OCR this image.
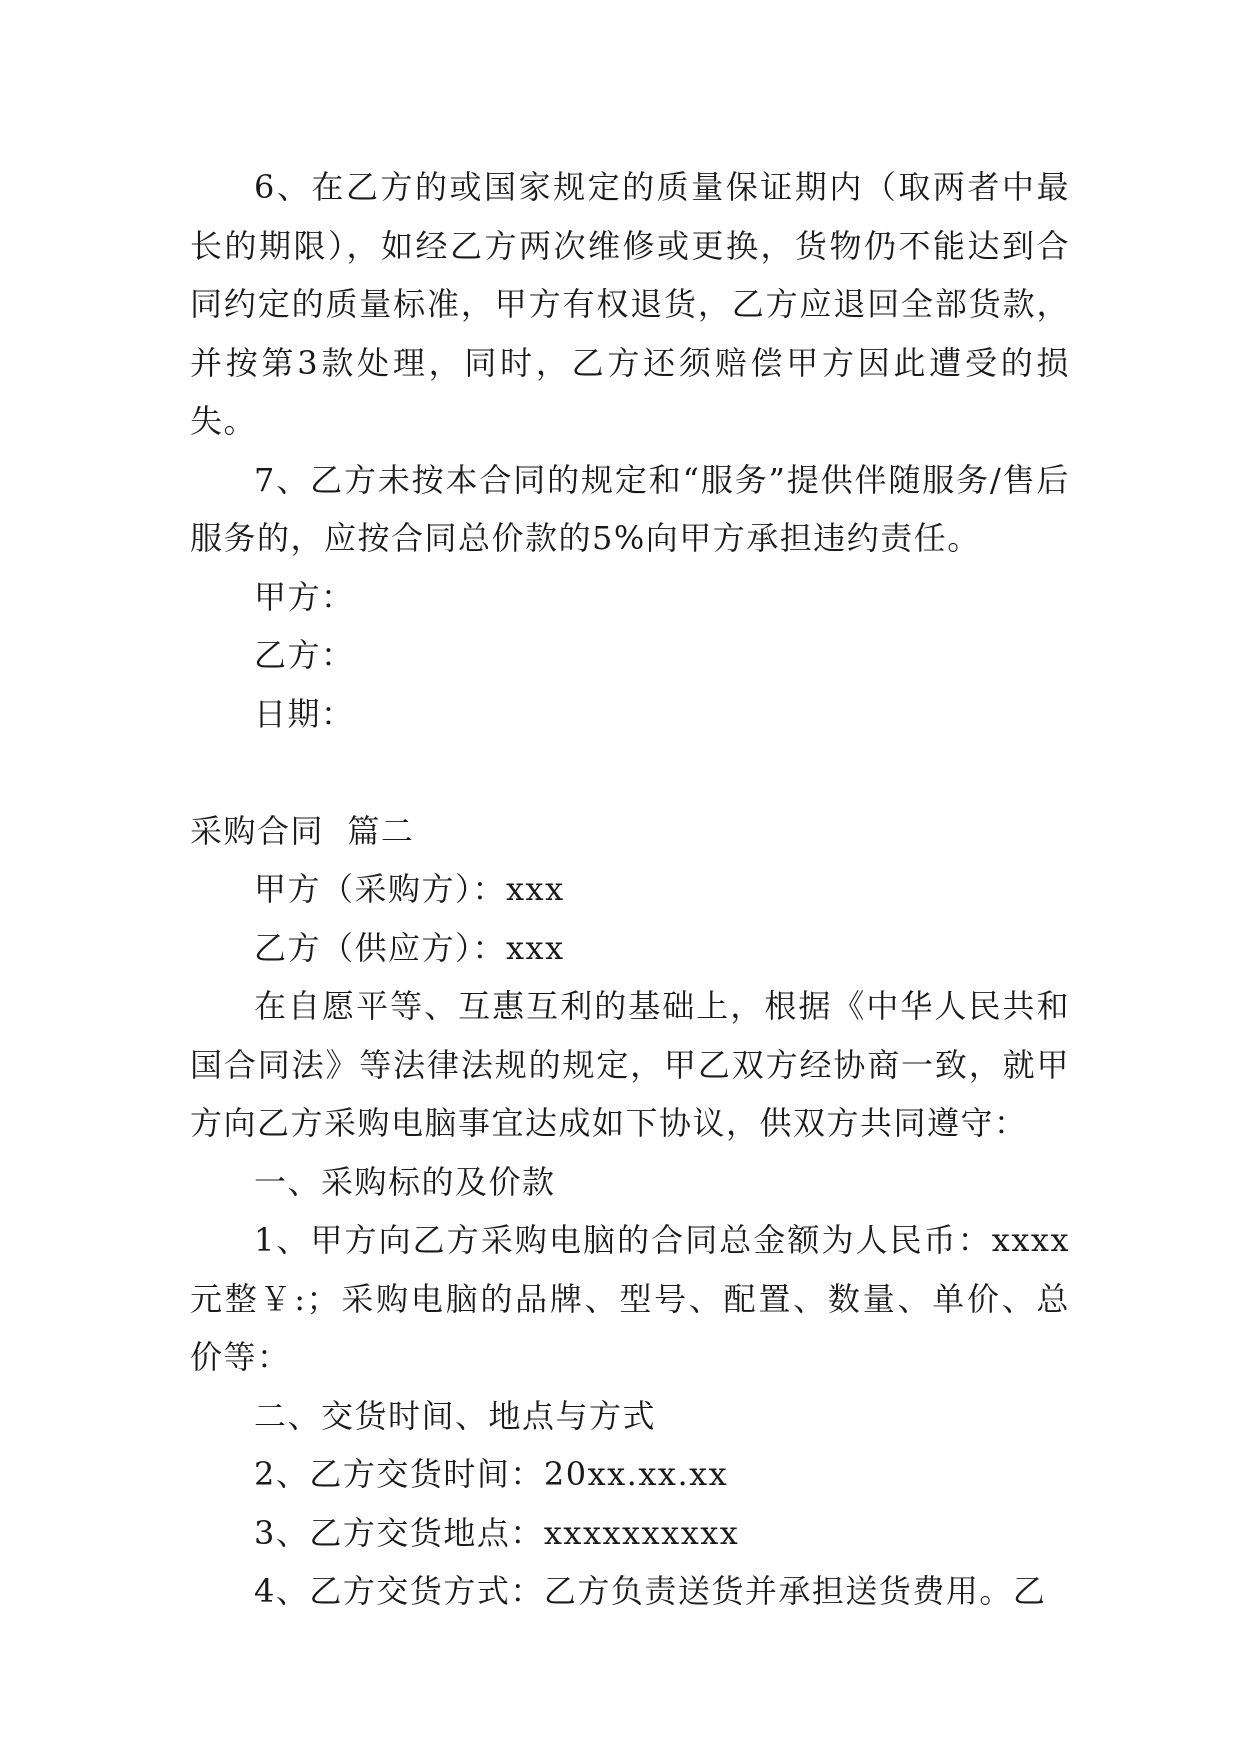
6、在乙方的或国家规定的质量保证期内（取两者中最长的期限），如经乙方两次维修或更换，货物仍不能达到合同约定的质量标准，甲方有权退货，乙方应退回全部货款，并按第3款处理，同时，乙方还须赔偿甲方因此遭受的损失。

7、乙方未按本合同的规定和“服务”提供伴随服务/售后服务的，应按合同总价款的5%向甲方承担违约责任。

甲方：

乙方：

日期：

采购合同  篇二

甲方（采购方）：xxx

乙方（供应方）：xxx

在自愿平等、互惠互利的基础上，根据《中华人民共和国合同法》等法律法规的规定，甲乙双方经协商一致，就甲方向乙方采购电脑事宜达成如下协议，供双方共同遵守：

一、采购标的及价款

1、甲方向乙方采购电脑的合同总金额为人民币：xxxx元整￥:；采购电脑的品牌、型号、配置、数量、单价、总价等：

二、交货时间、地点与方式

2、乙方交货时间：20xx.xx.xx

3、乙方交货地点：xxxxxxxxxx

4、乙方交货方式：乙方负责送货并承担送货费用。乙
